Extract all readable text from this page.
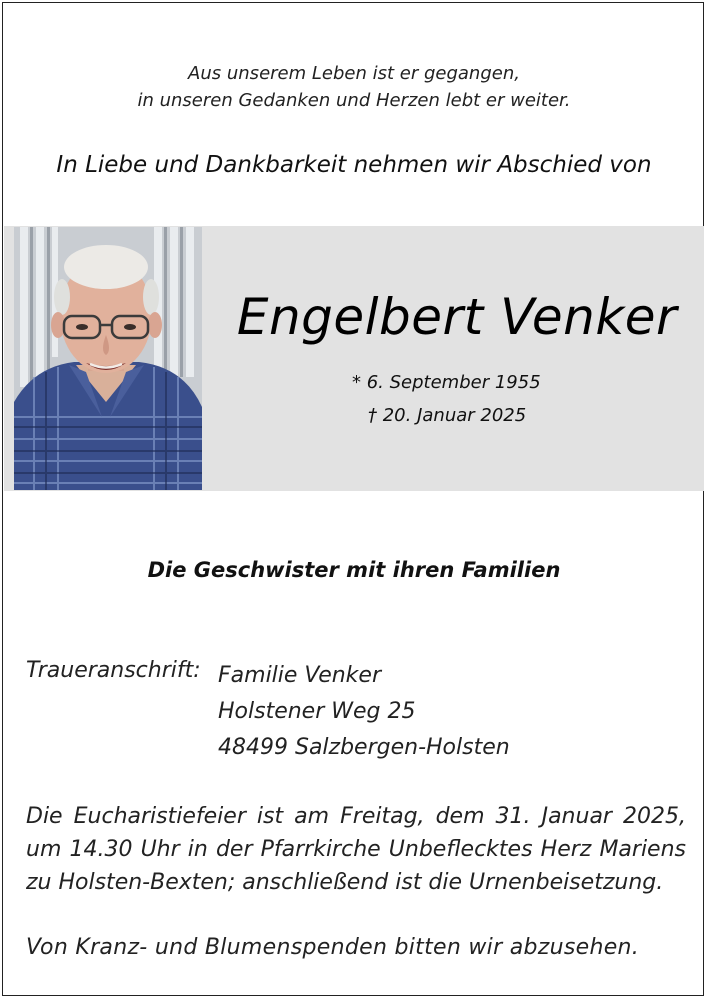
Aus unserem Leben ist er gegangen,
in unseren Gedanken und Herzen lebt er weiter.
In Liebe und Dankbarkeit nehmen wir Abschied von
Engelbert Venker
* 6. September 1955
† 20. Januar 2025
Die Geschwister mit ihren Familien
Traueranschrift: Familie Venker
Holstener Weg 25
48499 Salzbergen-Holsten
Die Eucharistiefeier ist am Freitag, dem 31. Januar 2025, um 14.30 Uhr in der Pfarrkirche Unbeflecktes Herz Mariens zu Holsten-Bexten; anschließend ist die Urnenbeisetzung.
Von Kranz- und Blumenspenden bitten wir abzusehen.
